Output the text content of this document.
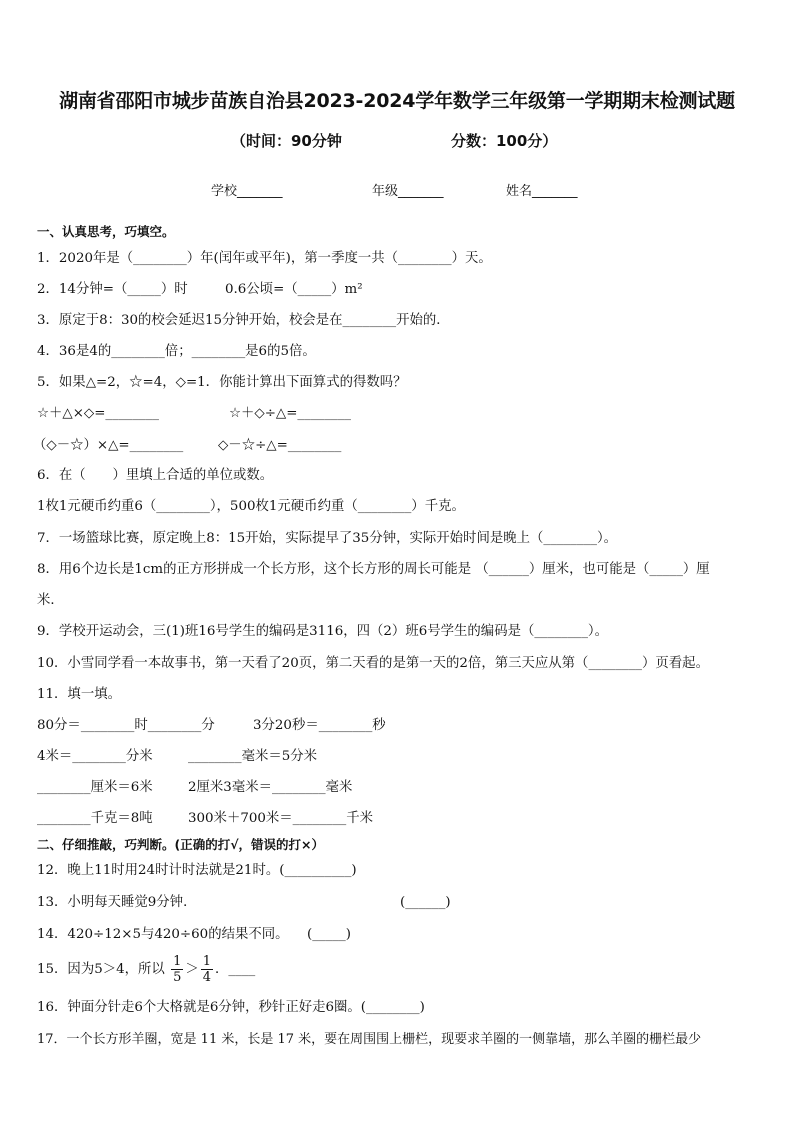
湖南省邵阳市城步苗族自治县2023-2024学年数学三年级第一学期期末检测试题
（时间：90分钟	分数：100分）
学校_______	年级_______	姓名_______
一、认真思考，巧填空。
1．2020年是（________）年(闰年或平年)，第一季度一共（________）天。
2．14分钟=（_____）时	0.6公顷=（_____）m²
3．原定于8：30的校会延迟15分钟开始，校会是在________开始的．
4．36是4的________倍；________是6的5倍。
5．如果△=2，☆=4，◇=1．你能计算出下面算式的得数吗？
☆＋△×◇=________	☆＋◇÷△=________
（◇－☆）×△=________	◇－☆÷△=________
6．在（　　）里填上合适的单位或数。
1枚1元硬币约重6（________），500枚1元硬币约重（________）千克。
7．一场篮球比赛，原定晚上8：15开始，实际提早了35分钟，实际开始时间是晚上（________）。
8．用6个边长是1cm的正方形拼成一个长方形，这个长方形的周长可能是 （______）厘米，也可能是（_____）厘
米．
9．学校开运动会，三(1)班16号学生的编码是3116，四（2）班6号学生的编码是（________）。
10．小雪同学看一本故事书，第一天看了20页，第二天看的是第一天的2倍，第三天应从第（________）页看起。
11．填一填。
80分＝________时________分	3分20秒＝________秒
4米＝________分米	________毫米＝5分米
________厘米＝6米	2厘米3毫米＝________毫米
________千克＝8吨	300米＋700米＝________千米
二、仔细推敲，巧判断。(正确的打√，错误的打×）
12．晚上11时用24时计时法就是21时。(__________)
13．小明每天睡觉9分钟．	(______)
14．420÷12×5与420÷60的结果不同。 (_____)
15．因为5＞4，所以 $\frac{1}{5} > \frac{1}{4}$ ．____
16．钟面分针走6个大格就是6分钟，秒针正好走6圈。(________)
17．一个长方形羊圈，宽是 11 米，长是 17 米，要在周围围上栅栏，现要求羊圈的一侧靠墙，那么羊圈的栅栏最少
